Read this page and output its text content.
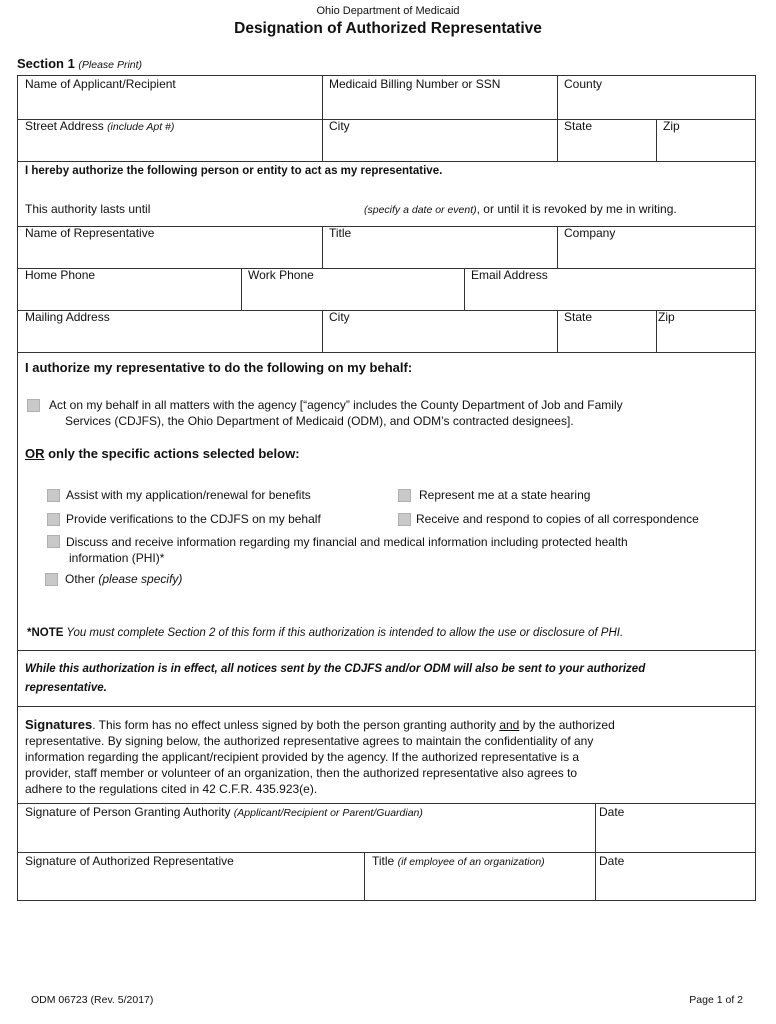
Ohio Department of Medicaid
Designation of Authorized Representative
Section 1 (Please Print)
Name of Applicant/Recipient	Medicaid Billing Number or SSN	County
Street Address (include Apt #)	City	State	Zip
I hereby authorize the following person or entity to act as my representative.
This authority lasts until	(specify a date or event), or until it is revoked by me in writing.
Name of Representative	Title	Company
Home Phone	Work Phone	Email Address
Mailing Address	City	State	Zip
I authorize my representative to do the following on my behalf:
Act on my behalf in all matters with the agency [“agency” includes the County Department of Job and Family
Services (CDJFS), the Ohio Department of Medicaid (ODM), and ODM’s contracted designees].
OR only the specific actions selected below:
Assist with my application/renewal for benefits	Represent me at a state hearing
Provide verifications to the CDJFS on my behalf	Receive and respond to copies of all correspondence
Discuss and receive information regarding my financial and medical information including protected health
information (PHI)*
Other (please specify)
*NOTE You must complete Section 2 of this form if this authorization is intended to allow the use or disclosure of PHI.
While this authorization is in effect, all notices sent by the CDJFS and/or ODM will also be sent to your authorized
representative.
Signatures. This form has no effect unless signed by both the person granting authority and by the authorized
representative. By signing below, the authorized representative agrees to maintain the confidentiality of any
information regarding the applicant/recipient provided by the agency. If the authorized representative is a
provider, staff member or volunteer of an organization, then the authorized representative also agrees to
adhere to the regulations cited in 42 C.F.R. 435.923(e).
Signature of Person Granting Authority (Applicant/Recipient or Parent/Guardian)	Date
Signature of Authorized Representative	Title (if employee of an organization)	Date
ODM 06723 (Rev. 5/2017)	Page 1 of 2
